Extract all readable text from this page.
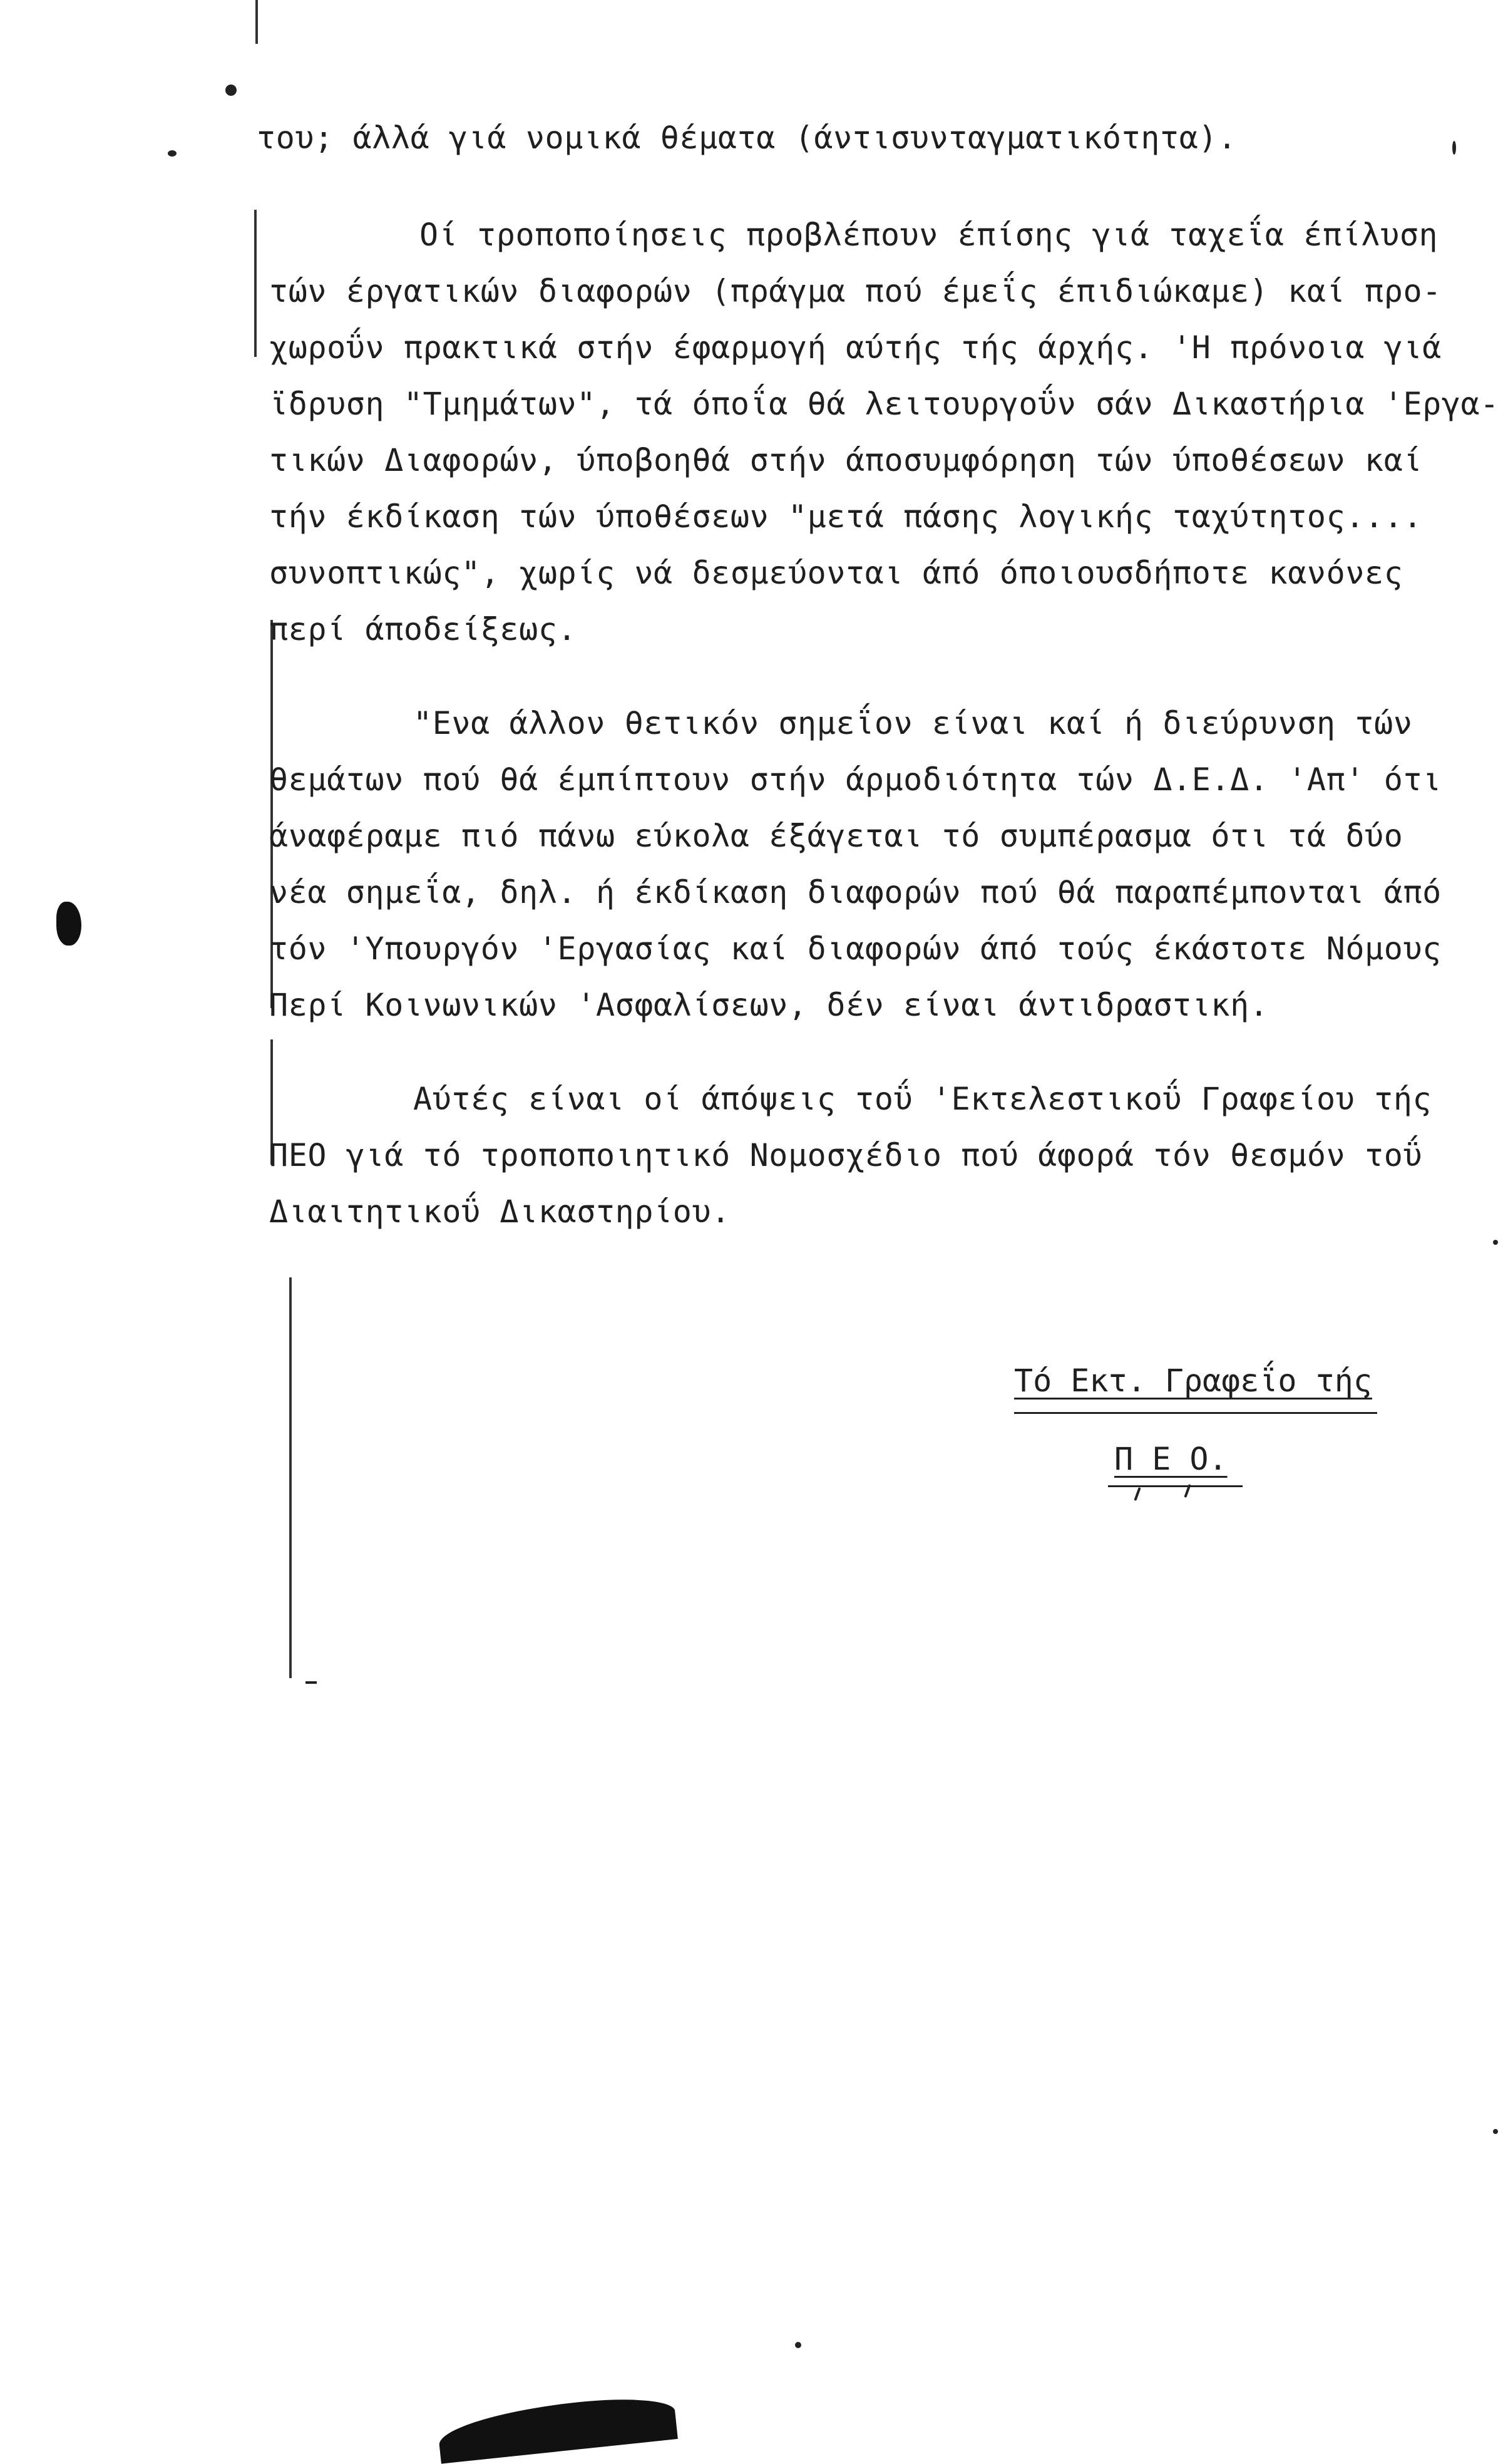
του; άλλά γιά νομικά θέματα (άντισυνταγματικότητα).
Οί τροποποίησεις προβλέπουν έπίσης γιά ταχεΐα έπίλυση
τών έργατικών διαφορών (πράγμα πού έμεΐς έπιδιώκαμε) καί προ-
χωροΰν πρακτικά στήν έφαρμογή αύτής τής άρχής. 'Η πρόνοια γιά
ϊδρυση "Τμημάτων", τά όποΐα θά λειτουργοΰν σάν Δικαστήρια 'Εργα-
τικών Διαφορών, ύποβοηθά στήν άποσυμφόρηση τών ύποθέσεων καί
τήν έκδίκαση τών ύποθέσεων "μετά πάσης λογικής ταχύτητος....
συνοπτικώς", χωρίς νά δεσμεύονται άπό όποιουσδήποτε κανόνες
περί άποδείξεως.
"Ενα άλλον θετικόν σημεΐον είναι καί ή διεύρυνση τών
θεμάτων πού θά έμπίπτουν στήν άρμοδιότητα τών Δ.Ε.Δ. 'Απ' ότι
άναφέραμε πιό πάνω εύκολα έξάγεται τό συμπέρασμα ότι τά δύο
νέα σημεΐα, δηλ. ή έκδίκαση διαφορών πού θά παραπέμπονται άπό
τόν 'Υπουργόν 'Εργασίας καί διαφορών άπό τούς έκάστοτε Νόμους
Περί Κοινωνικών 'Ασφαλίσεων, δέν είναι άντιδραστική.
Αύτές είναι οί άπόψεις τοΰ 'Εκτελεστικοΰ Γραφείου τής
ΠΕΟ γιά τό τροποποιητικό Νομοσχέδιο πού άφορά τόν θεσμόν τοΰ
Διαιτητικοΰ Δικαστηρίου.
Τό Εκτ. Γραφεΐο τής
Π Ε Ο.
